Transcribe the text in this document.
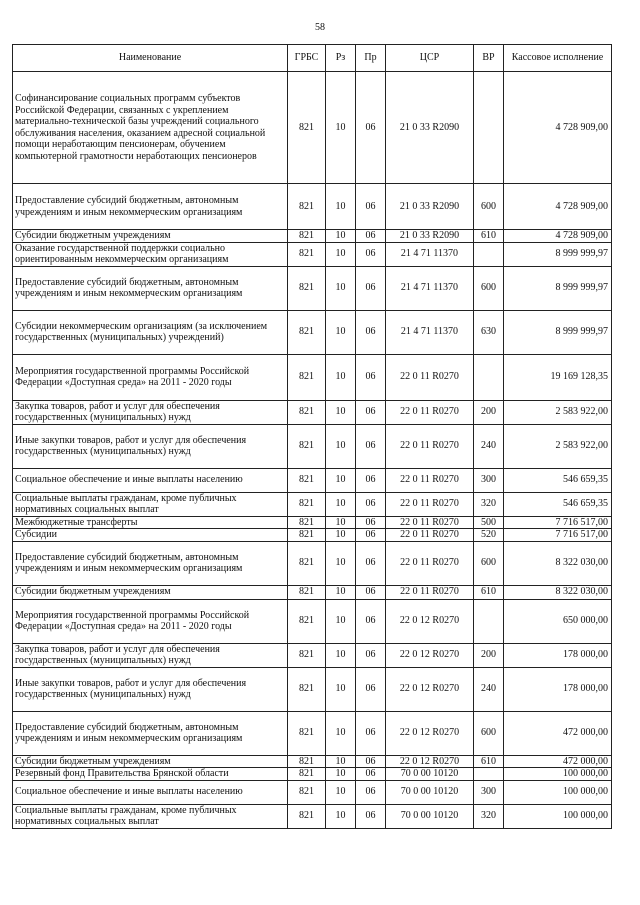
58
Наименование	ГРБС	Рз	Пр	ЦСР	ВР	Кассовое исполнение
Софинансирование социальных программ субъектов Российской Федерации, связанных с укреплением материально-технической базы учреждений социального обслуживания населения, оказанием адресной социальной помощи неработающим пенсионерам, обучением компьютерной грамотности неработающих пенсионеров	821	10	06	21 0 33 R2090		4 728 909,00
Предоставление субсидий бюджетным, автономным учреждениям и иным некоммерческим организациям	821	10	06	21 0 33 R2090	600	4 728 909,00
Субсидии бюджетным учреждениям	821	10	06	21 0 33 R2090	610	4 728 909,00
Оказание государственной поддержки социально ориентированным некоммерческим организациям	821	10	06	21 4 71 11370		8 999 999,97
Предоставление субсидий бюджетным, автономным учреждениям и иным некоммерческим организациям	821	10	06	21 4 71 11370	600	8 999 999,97
Субсидии некоммерческим организациям (за исключением государственных (муниципальных) учреждений)	821	10	06	21 4 71 11370	630	8 999 999,97
Мероприятия государственной программы Российской Федерации «Доступная среда» на 2011 - 2020 годы	821	10	06	22 0 11 R0270		19 169 128,35
Закупка товаров, работ и услуг для обеспечения государственных (муниципальных) нужд	821	10	06	22 0 11 R0270	200	2 583 922,00
Иные закупки товаров, работ и услуг для обеспечения государственных (муниципальных) нужд	821	10	06	22 0 11 R0270	240	2 583 922,00
Социальное обеспечение и иные выплаты населению	821	10	06	22 0 11 R0270	300	546 659,35
Социальные выплаты гражданам, кроме публичных нормативных социальных выплат	821	10	06	22 0 11 R0270	320	546 659,35
Межбюджетные трансферты	821	10	06	22 0 11 R0270	500	7 716 517,00
Субсидии	821	10	06	22 0 11 R0270	520	7 716 517,00
Предоставление субсидий бюджетным, автономным учреждениям и иным некоммерческим организациям	821	10	06	22 0 11 R0270	600	8 322 030,00
Субсидии бюджетным учреждениям	821	10	06	22 0 11 R0270	610	8 322 030,00
Мероприятия государственной программы Российской Федерации «Доступная среда» на 2011 - 2020 годы	821	10	06	22 0 12 R0270		650 000,00
Закупка товаров, работ и услуг для обеспечения государственных (муниципальных) нужд	821	10	06	22 0 12 R0270	200	178 000,00
Иные закупки товаров, работ и услуг для обеспечения государственных (муниципальных) нужд	821	10	06	22 0 12 R0270	240	178 000,00
Предоставление субсидий бюджетным, автономным учреждениям и иным некоммерческим организациям	821	10	06	22 0 12 R0270	600	472 000,00
Субсидии бюджетным учреждениям	821	10	06	22 0 12 R0270	610	472 000,00
Резервный фонд Правительства Брянской области	821	10	06	70 0 00 10120		100 000,00
Социальное обеспечение и иные выплаты населению	821	10	06	70 0 00 10120	300	100 000,00
Социальные выплаты гражданам, кроме публичных нормативных социальных выплат	821	10	06	70 0 00 10120	320	100 000,00
